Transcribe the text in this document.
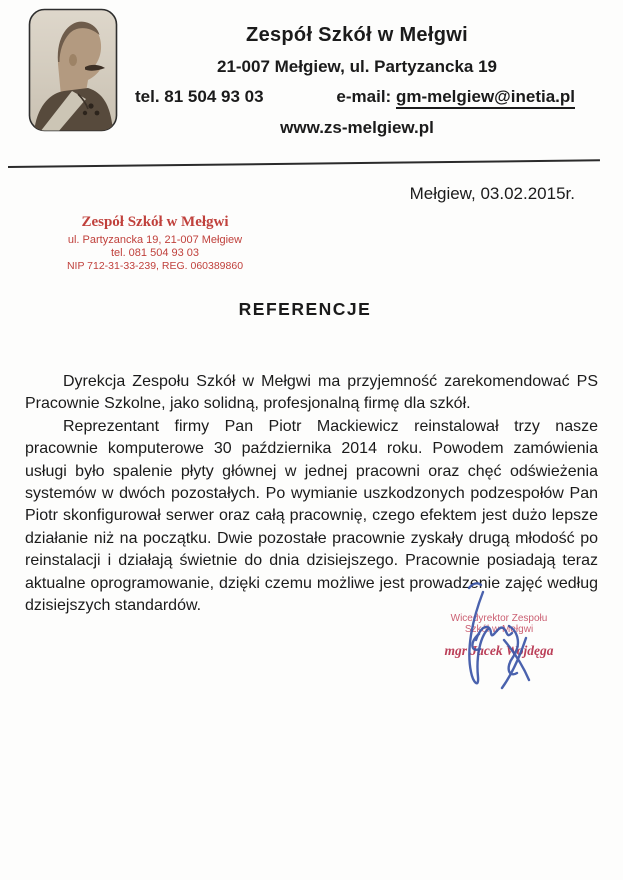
Zespół Szkół w Mełgwi
21-007 Mełgiew, ul. Partyzancka 19
tel. 81 504 93 03	e-mail: gm-melgiew@inetia.pl
www.zs-melgiew.pl
Mełgiew, 03.02.2015r.
Zespół Szkół w Mełgwi
ul. Partyzancka 19, 21-007 Mełgiew
tel. 081 504 93 03
NIP 712-31-33-239, REG. 060389860
REFERENCJE

Dyrekcja Zespołu Szkół w Mełgwi ma przyjemność zarekomendować PS Pracownie Szkolne, jako solidną, profesjonalną firmę dla szkół.

Reprezentant firmy Pan Piotr Mackiewicz reinstalował trzy nasze pracownie komputerowe 30 października 2014 roku. Powodem zamówienia usługi było spalenie płyty głównej w jednej pracowni oraz chęć odświeżenia systemów w dwóch pozostałych. Po wymianie uszkodzonych podzespołów Pan Piotr skonfigurował serwer oraz całą pracownię, czego efektem jest dużo lepsze działanie niż na początku. Dwie pozostałe pracownie zyskały drugą młodość po reinstalacji i działają świetnie do dnia dzisiejszego. Pracownie posiadają teraz aktualne oprogramowanie, dzięki czemu możliwe jest prowadzenie zajęć według dzisiejszych standardów.

Wicedyrektor Zespołu Szkół w Mełgwi
mgr Jacek Wojdęga
